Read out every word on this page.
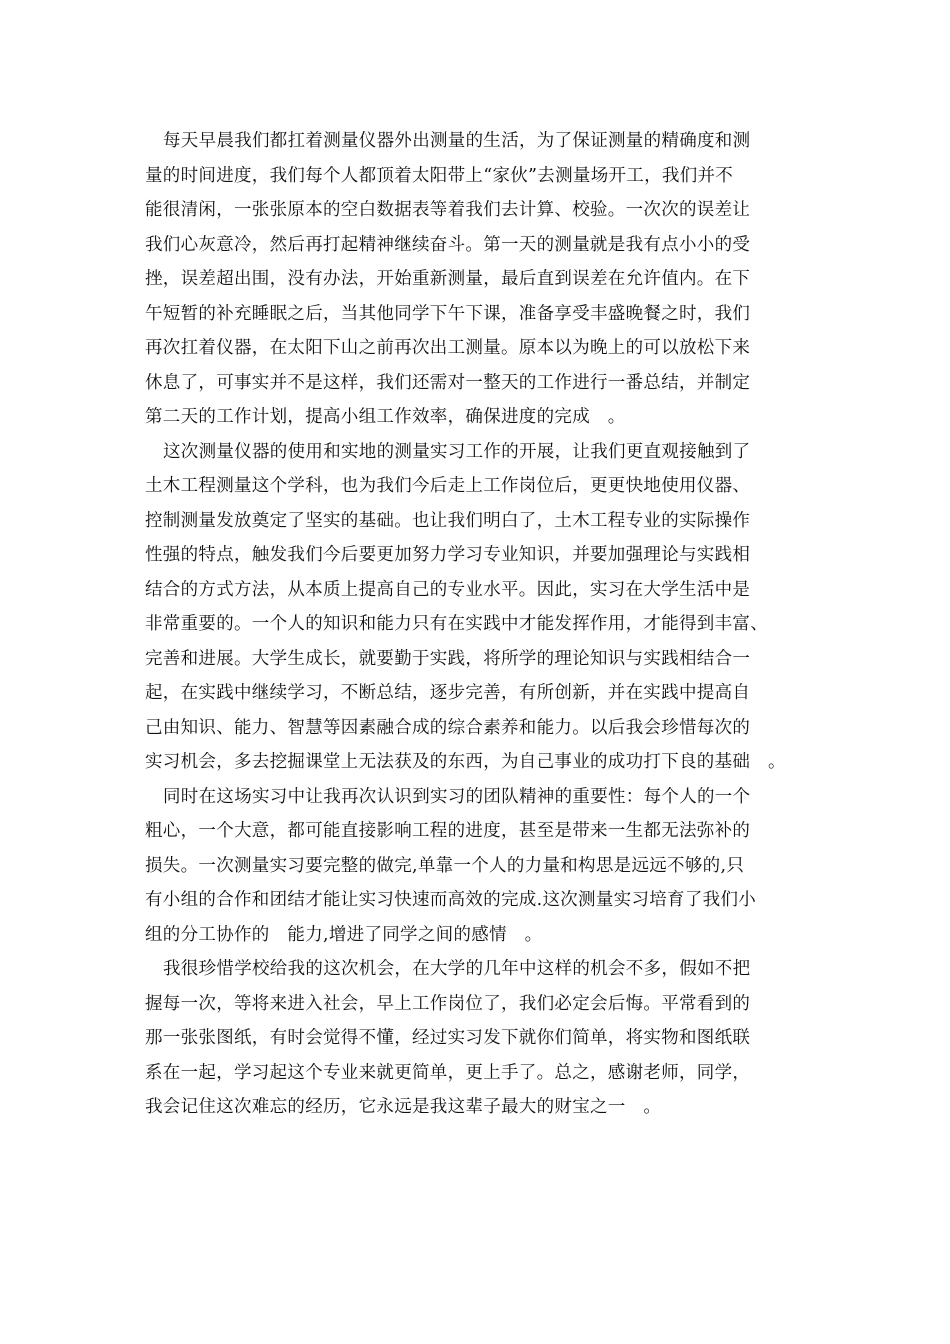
每天早晨我们都扛着测量仪器外出测量的生活，为了保证测量的精确度和测
量的时间进度，我们每个人都顶着太阳带上“家伙”去测量场开工，我们并不
能很清闲，一张张原本的空白数据表等着我们去计算、校验。一次次的误差让
我们心灰意冷，然后再打起精神继续奋斗。第一天的测量就是我有点小小的受
挫，误差超出围，没有办法，开始重新测量，最后直到误差在允许值内。在下
午短暂的补充睡眠之后，当其他同学下午下课，准备享受丰盛晚餐之时，我们
再次扛着仪器，在太阳下山之前再次出工测量。原本以为晚上的可以放松下来
休息了，可事实并不是这样，我们还需对一整天的工作进行一番总结，并制定
第二天的工作计划，提高小组工作效率，确保进度的完成　。
这次测量仪器的使用和实地的测量实习工作的开展，让我们更直观接触到了
土木工程测量这个学科，也为我们今后走上工作岗位后，更更快地使用仪器、
控制测量发放奠定了坚实的基础。也让我们明白了，土木工程专业的实际操作
性强的特点，触发我们今后要更加努力学习专业知识，并要加强理论与实践相
结合的方式方法，从本质上提高自己的专业水平。因此，实习在大学生活中是
非常重要的。一个人的知识和能力只有在实践中才能发挥作用，才能得到丰富、
完善和进展。大学生成长，就要勤于实践，将所学的理论知识与实践相结合一
起，在实践中继续学习，不断总结，逐步完善，有所创新，并在实践中提高自
己由知识、能力、智慧等因素融合成的综合素养和能力。以后我会珍惜每次的
实习机会，多去挖掘课堂上无法获及的东西，为自己事业的成功打下良的基础　。
同时在这场实习中让我再次认识到实习的团队精神的重要性：每个人的一个
粗心，一个大意，都可能直接影响工程的进度，甚至是带来一生都无法弥补的
损失。一次测量实习要完整的做完,单靠一个人的力量和构思是远远不够的,只
有小组的合作和团结才能让实习快速而高效的完成.这次测量实习培育了我们小
组的分工协作的　能力,增进了同学之间的感情　。
我很珍惜学校给我的这次机会，在大学的几年中这样的机会不多，假如不把
握每一次，等将来进入社会，早上工作岗位了，我们必定会后悔。平常看到的
那一张张图纸，有时会觉得不懂，经过实习发下就你们简单，将实物和图纸联
系在一起，学习起这个专业来就更简单，更上手了。总之，感谢老师，同学，
我会记住这次难忘的经历，它永远是我这辈子最大的财宝之一　。
